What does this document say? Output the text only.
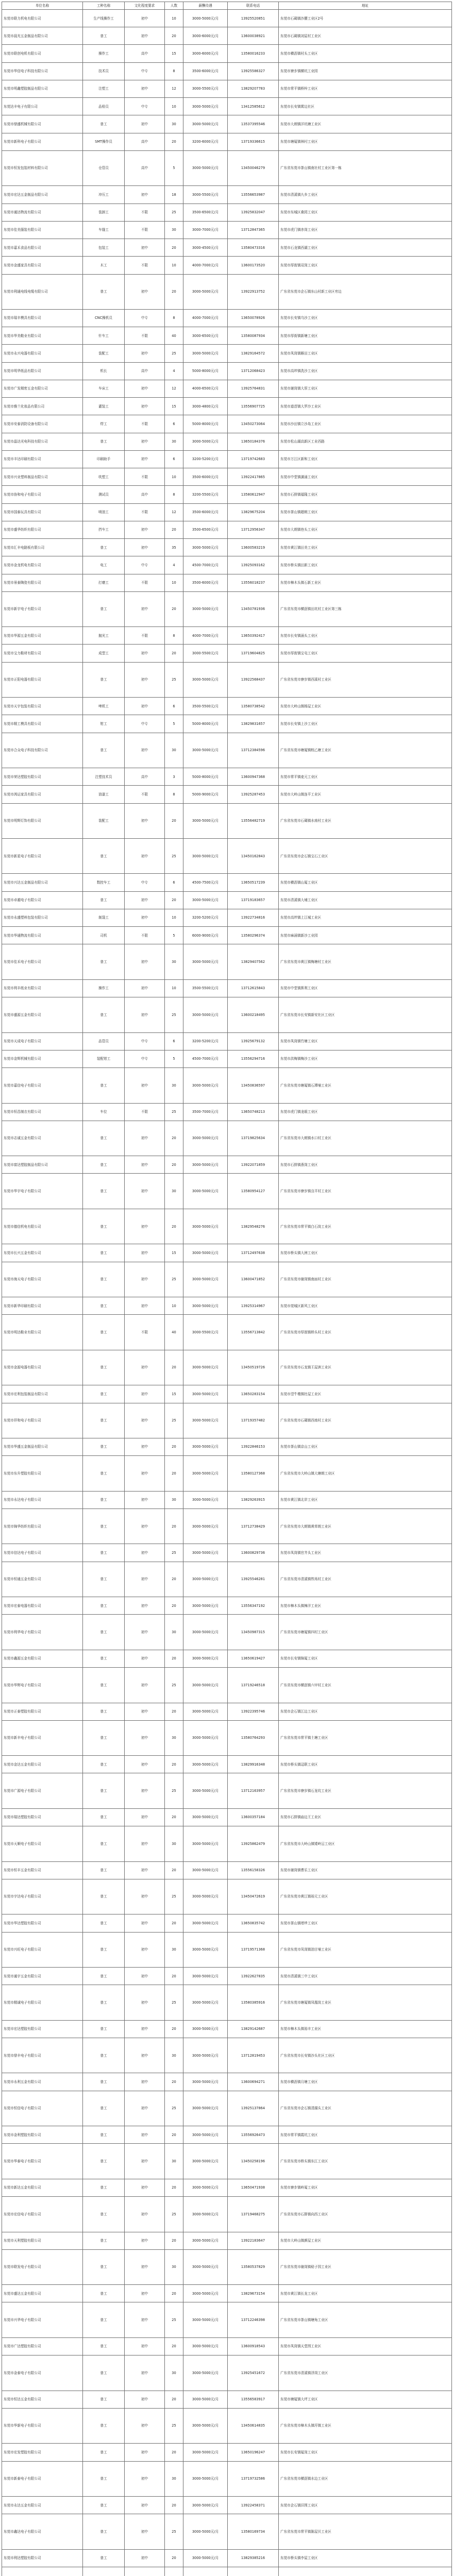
单位名称	工种名称	文化程度要求	人数	薪酬待遇	联系电话	地址
东莞市联力机电有限公司	生产线操作工	初中	10	3000-5000元/月	13925520851	东莞市石碣镇沙腰工业区2号
东莞市晨光五金制品有限公司	普工	初中	20	3000-6000元/月	13600038921	东莞市石碣镇刘屋村工业区
东莞市联创电机有限公司	操作工	高中	15	3000-6000元/月	13580016233	东莞市横沥镇村头工业区
东莞市华信电子科技有限公司	技术员	中专	8	3500-6000元/月	13925586327	东莞市寮步镇横坑工业园
东莞市明鑫塑胶制品有限公司	注塑工	初中	12	3000-5500元/月	13829207783	东莞市常平镇桥梓工业区
东莞达丰电子有限公司	品检员	中专	10	3000-5000元/月	13412585612	东莞市长安镇霄边社区
东莞市鼎盛机械有限公司	普工	初中	30	3000-5000元/月	13537395546	东莞市大朗镇洋坑塘工业区
东莞市新科电子有限公司	SMT操作员	高中	20	3200-6000元/月	13719336615	东莞市塘厦镇林村工业区
东莞市恒发包装材料有限公司	仓管员	高中	5	3000-5000元/月	13450046279	广东省东莞市茶山镇南社村工业区第一栋
东莞市宏达五金制品有限公司	冲压工	初中	18	3000-5500元/月	13556653987	东莞市清溪镇九乡工业区
东莞市通达物流有限公司	装卸工	不限	25	3500-6500元/月	13925832047	东莞市东城区桑园工业区
东莞市佳美服装有限公司	车缝工	不限	30	3000-7000元/月	13712847365	东莞市虎门镇赤岗工业区
东莞市嘉禾食品有限公司	包装工	初中	20	3000-4500元/月	13580473316	东莞市石龙镇西湖工业区
东莞市金盛家具有限公司	木工	不限	10	4000-7000元/月	13600173520	东莞市厚街镇双岗工业区
东莞市利通电线电缆有限公司	普工	初中	20	3000-5000元/月	13922913752	广东省东莞市企石镇东山村新工业区旁边
东莞市瑞丰模具有限公司	CNC操机员	中专	8	4000-7000元/月	13650078926	东莞市长安镇乌沙工业区
东莞市华美鞋业有限公司	针车工	不限	40	3000-6500元/月	13580087934	东莞市厚街镇新塘工业区
东莞市永兴电器有限公司	装配工	初中	25	3000-5000元/月	13829164572	东莞市凤岗镇雁田工业区
东莞市明华纸品有限公司	机长	高中	4	5000-8000元/月	13712068423	东莞市高埗镇冼沙工业区
东莞市广发精密五金有限公司	车床工	初中	12	4000-6500元/月	13925764831	东莞市谢岗镇大厚工业区
东莞市雅兰化妆品有限公司	灌装工	初中	15	3000-4800元/月	13556907725	东莞市道滘镇大罗沙工业区
东莞市安泰消防设备有限公司	焊工	不限	6	5000-8000元/月	13450273064	东莞市沙田镇立沙岛工业区
东莞市晶达光电科技有限公司	普工	初中	30	3000-5000元/月	13650184376	东莞市松山湖高新区工业西路
东莞市丰达印刷有限公司	印刷助手	初中	6	3200-5200元/月	13719742683	东莞市万江区新和工业区
东莞市兴业塑料制品有限公司	吹塑工	不限	10	3500-6000元/月	13922417865	东莞市中堂镇潢涌工业区
东莞市协和电子有限公司	测试员	高中	8	3200-5500元/月	13580612947	东莞市石排镇福隆工业区
东莞市国泰玩具有限公司	喷油工	不限	12	3500-6000元/月	13829675204	东莞市茶山镇超朗工业区
东莞市盛华纺织有限公司	挡车工	初中	20	3500-6500元/月	13712956347	东莞市大朗镇巷头工业区
东莞市汇丰电路板有限公司	普工	初中	35	3000-5000元/月	13600583219	东莞市黄江镇田美工业区
东莞市金龙机电有限公司	电工	中专	4	4500-7000元/月	13925093162	东莞市桥头镇田新工业区
东莞市景泰陶瓷有限公司	打磨工	不限	10	3500-6000元/月	13556018237	东莞市樟木头镇石新工业区
东莞市新宇电子有限公司	普工	初中	20	3000-5000元/月	13450781936	广东省东莞市横沥镇田坑村工业区第三栋
东莞市华源五金有限公司	抛光工	不限	8	4000-7000元/月	13650392417	东莞市长安镇涌头工业区
东莞市宝力鞋材有限公司	成型工	初中	20	3000-5500元/月	13719604825	东莞市厚街镇宝屯工业区
东莞市正阳电器有限公司	普工	初中	25	3000-5000元/月	13922568437	广东省东莞市寮步镇西溪村工业区
东莞市天宇包装有限公司	啤机工	初中	6	3500-5500元/月	13580738542	东莞市大岭山镇杨屋工业区
东莞市精工模具有限公司	钳工	中专	5	5000-8000元/月	13829831657	东莞市长安镇上沙工业区
东莞市合众电子科技有限公司	普工	初中	30	3000-5000元/月	13712384596	广东省东莞市塘厦镇蛟乙塘工业区
东莞市荣达塑胶有限公司	注塑技术员	高中	3	5000-8000元/月	13600947368	东莞市常平镇麦元工业区
东莞市鸿运家具有限公司	油漆工	不限	8	5000-9000元/月	13925287453	东莞市大岭山镇连平工业区
东莞市明辉灯饰有限公司	装配工	初中	20	3000-5000元/月	13556482719	广东省东莞市石碣镇水南村工业区
东莞市新星电子有限公司	普工	初中	25	3000-5000元/月	13450162843	广东省东莞市企石镇宝石工业区
东莞市兴达五金制品有限公司	数控车工	中专	6	4500-7500元/月	13650517239	东莞市横沥镇山厦工业区
东莞市卓越电子有限公司	普工	初中	20	3000-5000元/月	13719183657	东莞市清溪镇大埔工业区
东莞市永盛塑料包装有限公司	制袋工	初中	10	3200-5200元/月	13922734816	东莞市高埗镇上江城工业区
东莞市华通物流有限公司	司机	不限	5	6000-9000元/月	13580296374	东莞市麻涌镇新沙工业园
东莞市佳禾电子有限公司	普工	初中	30	3000-5000元/月	13829407562	广东省东莞市黄江镇梅塘村工业区
东莞市利丰纸业有限公司	操作工	初中	10	3500-5500元/月	13712615843	东莞市中堂镇蕉利工业区
东莞市盛源五金有限公司	普工	初中	25	3000-5000元/月	13600218495	广东省东莞市长安镇新安社区工业区
东莞市天成电子有限公司	品管员	中专	6	3200-5200元/月	13925679132	东莞市凤岗镇竹塘工业区
东莞市金辉机械有限公司	装配钳工	中专	5	4500-7000元/月	13556294716	东莞市洪梅镇梅沙工业区
东莞市嘉信电子有限公司	普工	初中	30	3000-5000元/月	13450836597	广东省东莞市塘厦镇石潭埔工业区
东莞市恒昌制衣有限公司	车位	不限	25	3500-7000元/月	13650748213	东莞市虎门镇龙眼工业区
东莞市志诚五金有限公司	普工	初中	20	3000-5000元/月	13719825634	广东省东莞市大朗镇水口村工业区
东莞市富达塑胶制品有限公司	普工	初中	20	3000-5000元/月	13922071859	东莞市石排镇燕岗工业区
东莞市华宇电子有限公司	普工	初中	30	3000-5000元/月	13580954127	广东省东莞市寮步镇良平村工业区
东莞市德信机电有限公司	普工	初中	20	3000-5000元/月	13829548276	广东省东莞市常平镇白石岗工业区
东莞市长兴五金有限公司	普工	初中	15	3000-5000元/月	13712497638	东莞市桥头镇大洲工业区
东莞市海天电子有限公司	普工	初中	25	3000-5000元/月	13600471852	广东省东莞市谢岗镇南面村工业区
东莞市新华印刷有限公司	普工	初中	10	3000-5000元/月	13925314967	东莞市莞城区新风工业区
东莞市明达鞋业有限公司	普工	不限	40	3000-5500元/月	13556713842	广东省东莞市厚街镇桥头村工业区
东莞市金源电器有限公司	普工	初中	20	3000-5000元/月	13450519726	广东省东莞市石龙镇王屋洲工业区
东莞市宏利包装制品有限公司	普工	初中	15	3000-5000元/月	13650283154	东莞市望牛墩镇杜屋工业区
东莞市祥和电子有限公司	普工	初中	25	3000-5000元/月	13719357482	广东省东莞市石碣镇西南村工业区
东莞市华盛五金制品有限公司	普工	初中	20	3000-5000元/月	13922846153	东莞市茶山镇京山工业区
东莞市东升塑胶有限公司	普工	初中	20	3000-5000元/月	13580127368	广东省东莞市大岭山镇大塘朗工业区
东莞市永达电子有限公司	普工	初中	30	3000-5000元/月	13829263915	东莞市黄江镇北岸工业区
东莞市锦华纺织有限公司	普工	初中	20	3000-5000元/月	13712738429	广东省东莞市大朗镇黄草朗工业区
东莞市信达电子有限公司	普工	初中	25	3000-5000元/月	13600829736	东莞市凤岗镇官井头工业区
东莞市恒通五金有限公司	普工	初中	20	3000-5000元/月	13925546281	广东省东莞市清溪镇铁场村工业区
东莞市宏泰电器有限公司	普工	初中	20	3000-5000元/月	13556347192	东莞市樟木头镇樟洋工业区
东莞市利华电子有限公司	普工	初中	30	3000-5000元/月	13450987315	广东省东莞市塘厦镇四村工业区
东莞市鑫源五金有限公司	普工	初中	20	3000-5000元/月	13650619427	东莞市长安镇锦厦工业区
东莞市华辉电子有限公司	普工	初中	25	3000-5000元/月	13719246518	广东省东莞市横沥镇六甲村工业区
东莞市正泰塑胶有限公司	普工	初中	20	3000-5000元/月	13922395746	东莞市企石镇江边工业区
东莞市新丰电子有限公司	普工	初中	30	3000-5000元/月	13580764293	广东省东莞市常平镇土塘工业区
东莞市金达五金有限公司	普工	初中	20	3000-5000元/月	13829916348	东莞市桥头镇迳联工业区
东莞市广源电子有限公司	普工	初中	25	3000-5000元/月	13712163957	广东省东莞市寮步镇石龙坑工业区
东莞市瑞达塑胶有限公司	普工	初中	20	3000-5000元/月	13600357184	东莞市石排镇庙边王工业区
东莞市天顺电子有限公司	普工	初中	30	3000-5000元/月	13925862479	广东省东莞市大岭山镇矮岭冚工业区
东莞市恒丰五金有限公司	普工	初中	20	3000-5000元/月	13556158326	东莞市谢岗镇曹乐工业区
东莞市宇达电子有限公司	普工	初中	25	3000-5000元/月	13450472619	广东省东莞市黄江镇裕元工业区
东莞市华达塑胶有限公司	普工	初中	20	3000-5000元/月	13650835742	东莞市茶山镇增埗工业区
东莞市兴旺电子有限公司	普工	初中	30	3000-5000元/月	13719571368	广东省东莞市凤岗镇油甘埔工业区
东莞市通宇五金有限公司	普工	初中	20	3000-5000元/月	13922627835	东莞市清溪镇三中工业区
东莞市精诚电子有限公司	普工	初中	25	3000-5000元/月	13580385916	广东省东莞市塘厦镇凤凰岗工业区
东莞市宏达塑胶有限公司	普工	初中	20	3000-5000元/月	13829142687	东莞市樟木头镇裕丰工业区
东莞市鼎丰电子有限公司	普工	初中	30	3000-5000元/月	13712819453	广东省东莞市长安镇沙头社区工业区
东莞市永利五金有限公司	普工	初中	20	3000-5000元/月	13600694271	东莞市横沥镇月塘工业区
东莞市恒信电子有限公司	普工	初中	25	3000-5000元/月	13925137864	广东省东莞市企石镇清湖头工业区
东莞市金利塑胶有限公司	普工	初中	20	3000-5000元/月	13556926473	东莞市常平镇霞坑工业区
东莞市华泰电子有限公司	普工	初中	30	3000-5000元/月	13450258196	广东省东莞市桥头镇东江工业区
东莞市新达五金有限公司	普工	初中	20	3000-5000元/月	13650471938	东莞市寮步镇岭厦工业区
东莞市宏信电子有限公司	普工	初中	25	3000-5000元/月	13719468275	广东省东莞市石排镇向西工业区
东莞市天利塑胶有限公司	普工	初中	20	3000-5000元/月	13922183647	东莞市大岭山镇颜屋工业区
东莞市联发电子有限公司	普工	初中	30	3000-5000元/月	13580537829	广东省东莞市谢岗镇稔子园工业区
东莞市盛达五金有限公司	普工	初中	20	3000-5000元/月	13829673154	东莞市黄江镇长龙工业区
东莞市兴华电子有限公司	普工	初中	25	3000-5000元/月	13712246398	广东省东莞市茶山镇塘角工业区
东莞市广达塑胶有限公司	普工	初中	20	3000-5000元/月	13600918543	东莞市凤岗镇天堂围工业区
东莞市金泰电子有限公司	普工	初中	30	3000-5000元/月	13925451672	广东省东莞市清溪镇浮岗工业区
东莞市恒达五金有限公司	普工	初中	20	3000-5000元/月	13556583917	东莞市塘厦镇大坪工业区
东莞市华新电子有限公司	普工	初中	25	3000-5000元/月	13450614835	广东省东莞市樟木头镇圩镇工业区
东莞市宏发塑胶有限公司	普工	初中	20	3000-5000元/月	13650196247	东莞市长安镇厦岗工业区
东莞市新泰电子有限公司	普工	初中	30	3000-5000元/月	13719732586	广东省东莞市横沥镇水边工业区
东莞市永达五金有限公司	普工	初中	20	3000-5000元/月	13922458371	东莞市企石镇旧围工业区
东莞市鑫达电子有限公司	普工	初中	25	3000-5000元/月	13580169734	广东省东莞市常平镇陈屋贝工业区
东莞市利达塑胶有限公司	普工	初中	20	3000-5000元/月	13829385216	东莞市桥头镇李屋工业区
